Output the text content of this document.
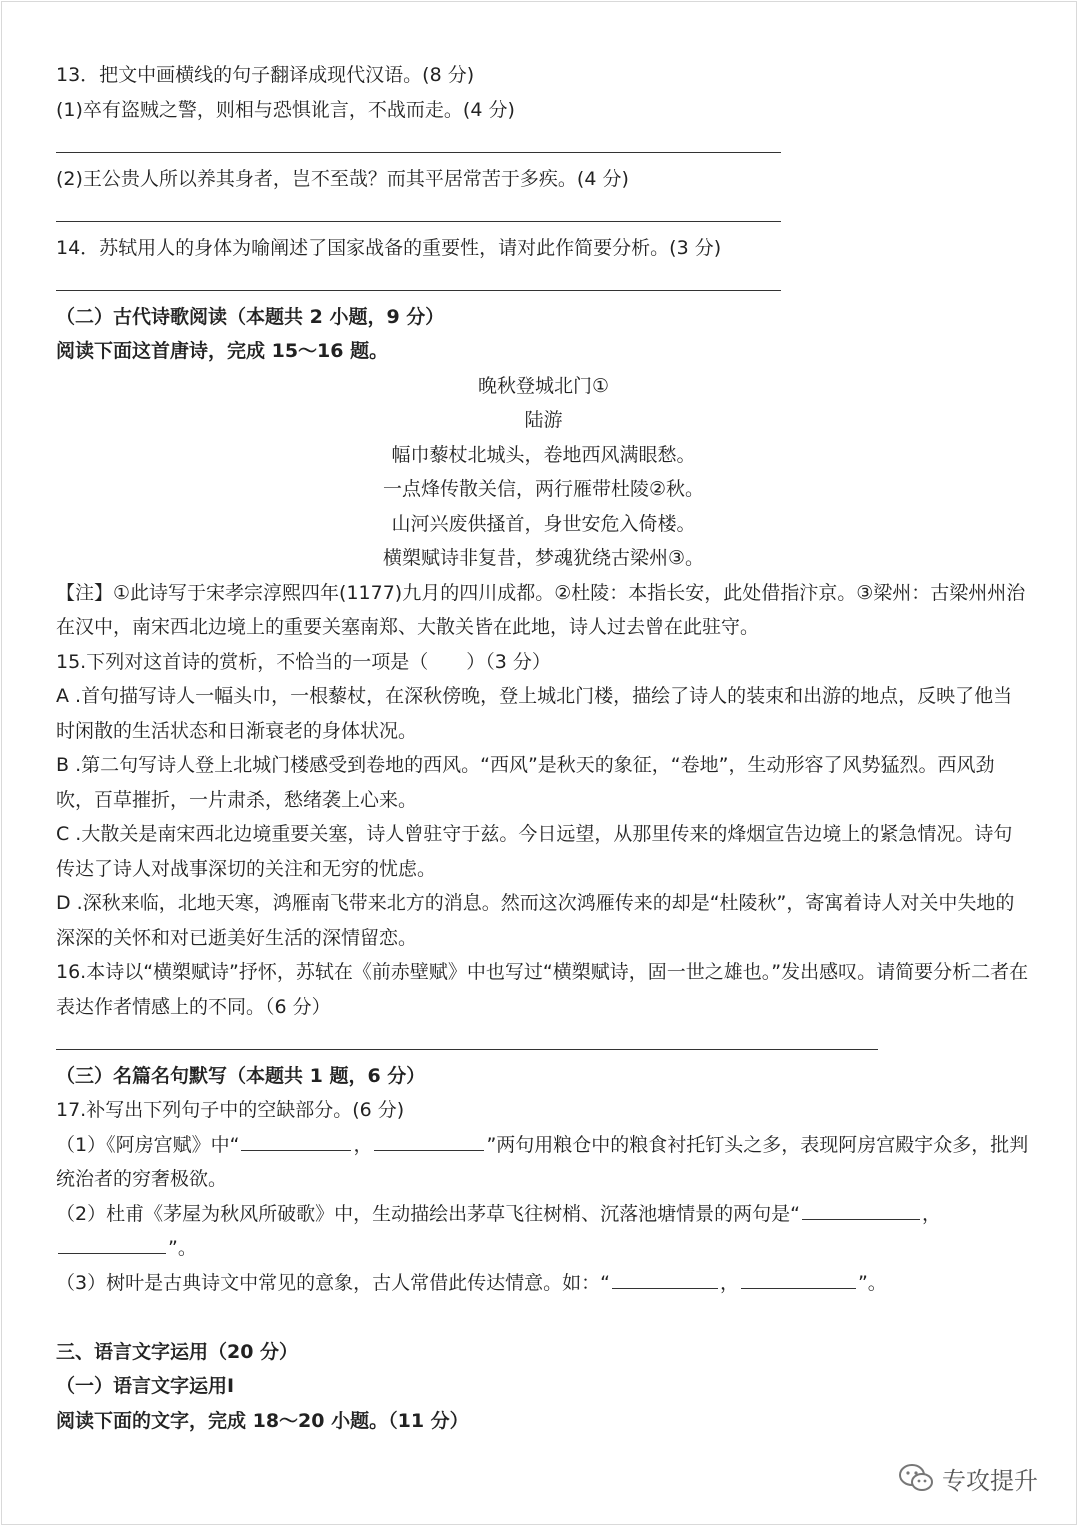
13．把文中画横线的句子翻译成现代汉语。(8 分)
(1)卒有盗贼之警，则相与恐惧讹言，不战而走。(4 分)
(2)王公贵人所以养其身者，岂不至哉？而其平居常苦于多疾。(4 分)
14．苏轼用人的身体为喻阐述了国家战备的重要性，请对此作简要分析。(3 分)
（二）古代诗歌阅读（本题共 2 小题，9 分）
阅读下面这首唐诗，完成 15～16 题。
晚秋登城北门①
陆游
幅巾藜杖北城头，卷地西风满眼愁。
一点烽传散关信，两行雁带杜陵②秋。
山河兴废供搔首，身世安危入倚楼。
横槊赋诗非复昔，梦魂犹绕古梁州③。
【注】①此诗写于宋孝宗淳熙四年(1177)九月的四川成都。②杜陵：本指长安，此处借指汴京。③梁州：古梁州州治在汉中，南宋西北边境上的重要关塞南郑、大散关皆在此地，诗人过去曾在此驻守。
15.下列对这首诗的赏析，不恰当的一项是（　　）（3 分）
A .首句描写诗人一幅头巾，一根藜杖，在深秋傍晚，登上城北门楼，描绘了诗人的装束和出游的地点，反映了他当时闲散的生活状态和日渐衰老的身体状况。
B .第二句写诗人登上北城门楼感受到卷地的西风。“西风”是秋天的象征，“卷地”，生动形容了风势猛烈。西风劲吹，百草摧折，一片肃杀，愁绪袭上心来。
C .大散关是南宋西北边境重要关塞，诗人曾驻守于兹。今日远望，从那里传来的烽烟宣告边境上的紧急情况。诗句传达了诗人对战事深切的关注和无穷的忧虑。
D .深秋来临，北地天寒，鸿雁南飞带来北方的消息。然而这次鸿雁传来的却是“杜陵秋”，寄寓着诗人对关中失地的深深的关怀和对已逝美好生活的深情留恋。
16.本诗以“横槊赋诗”抒怀，苏轼在《前赤壁赋》中也写过“横槊赋诗，固一世之雄也。”发出感叹。请简要分析二者在表达作者情感上的不同。（6 分）
（三）名篇名句默写（本题共 1 题，6 分）
17.补写出下列句子中的空缺部分。(6 分)
（1）《阿房宫赋》中“	，	”两句用粮仓中的粮食衬托钉头之多，表现阿房宫殿宇众多，批判统治者的穷奢极欲。
（2）杜甫《茅屋为秋风所破歌》中，生动描绘出茅草飞往树梢、沉落池塘情景的两句是“	，”。
（3）树叶是古典诗文中常见的意象，古人常借此传达情意。如：“	，	”。
三、语言文字运用（20 分）
（一）语言文字运用Ⅰ
阅读下面的文字，完成 18～20 小题。（11 分）
专攻提升
